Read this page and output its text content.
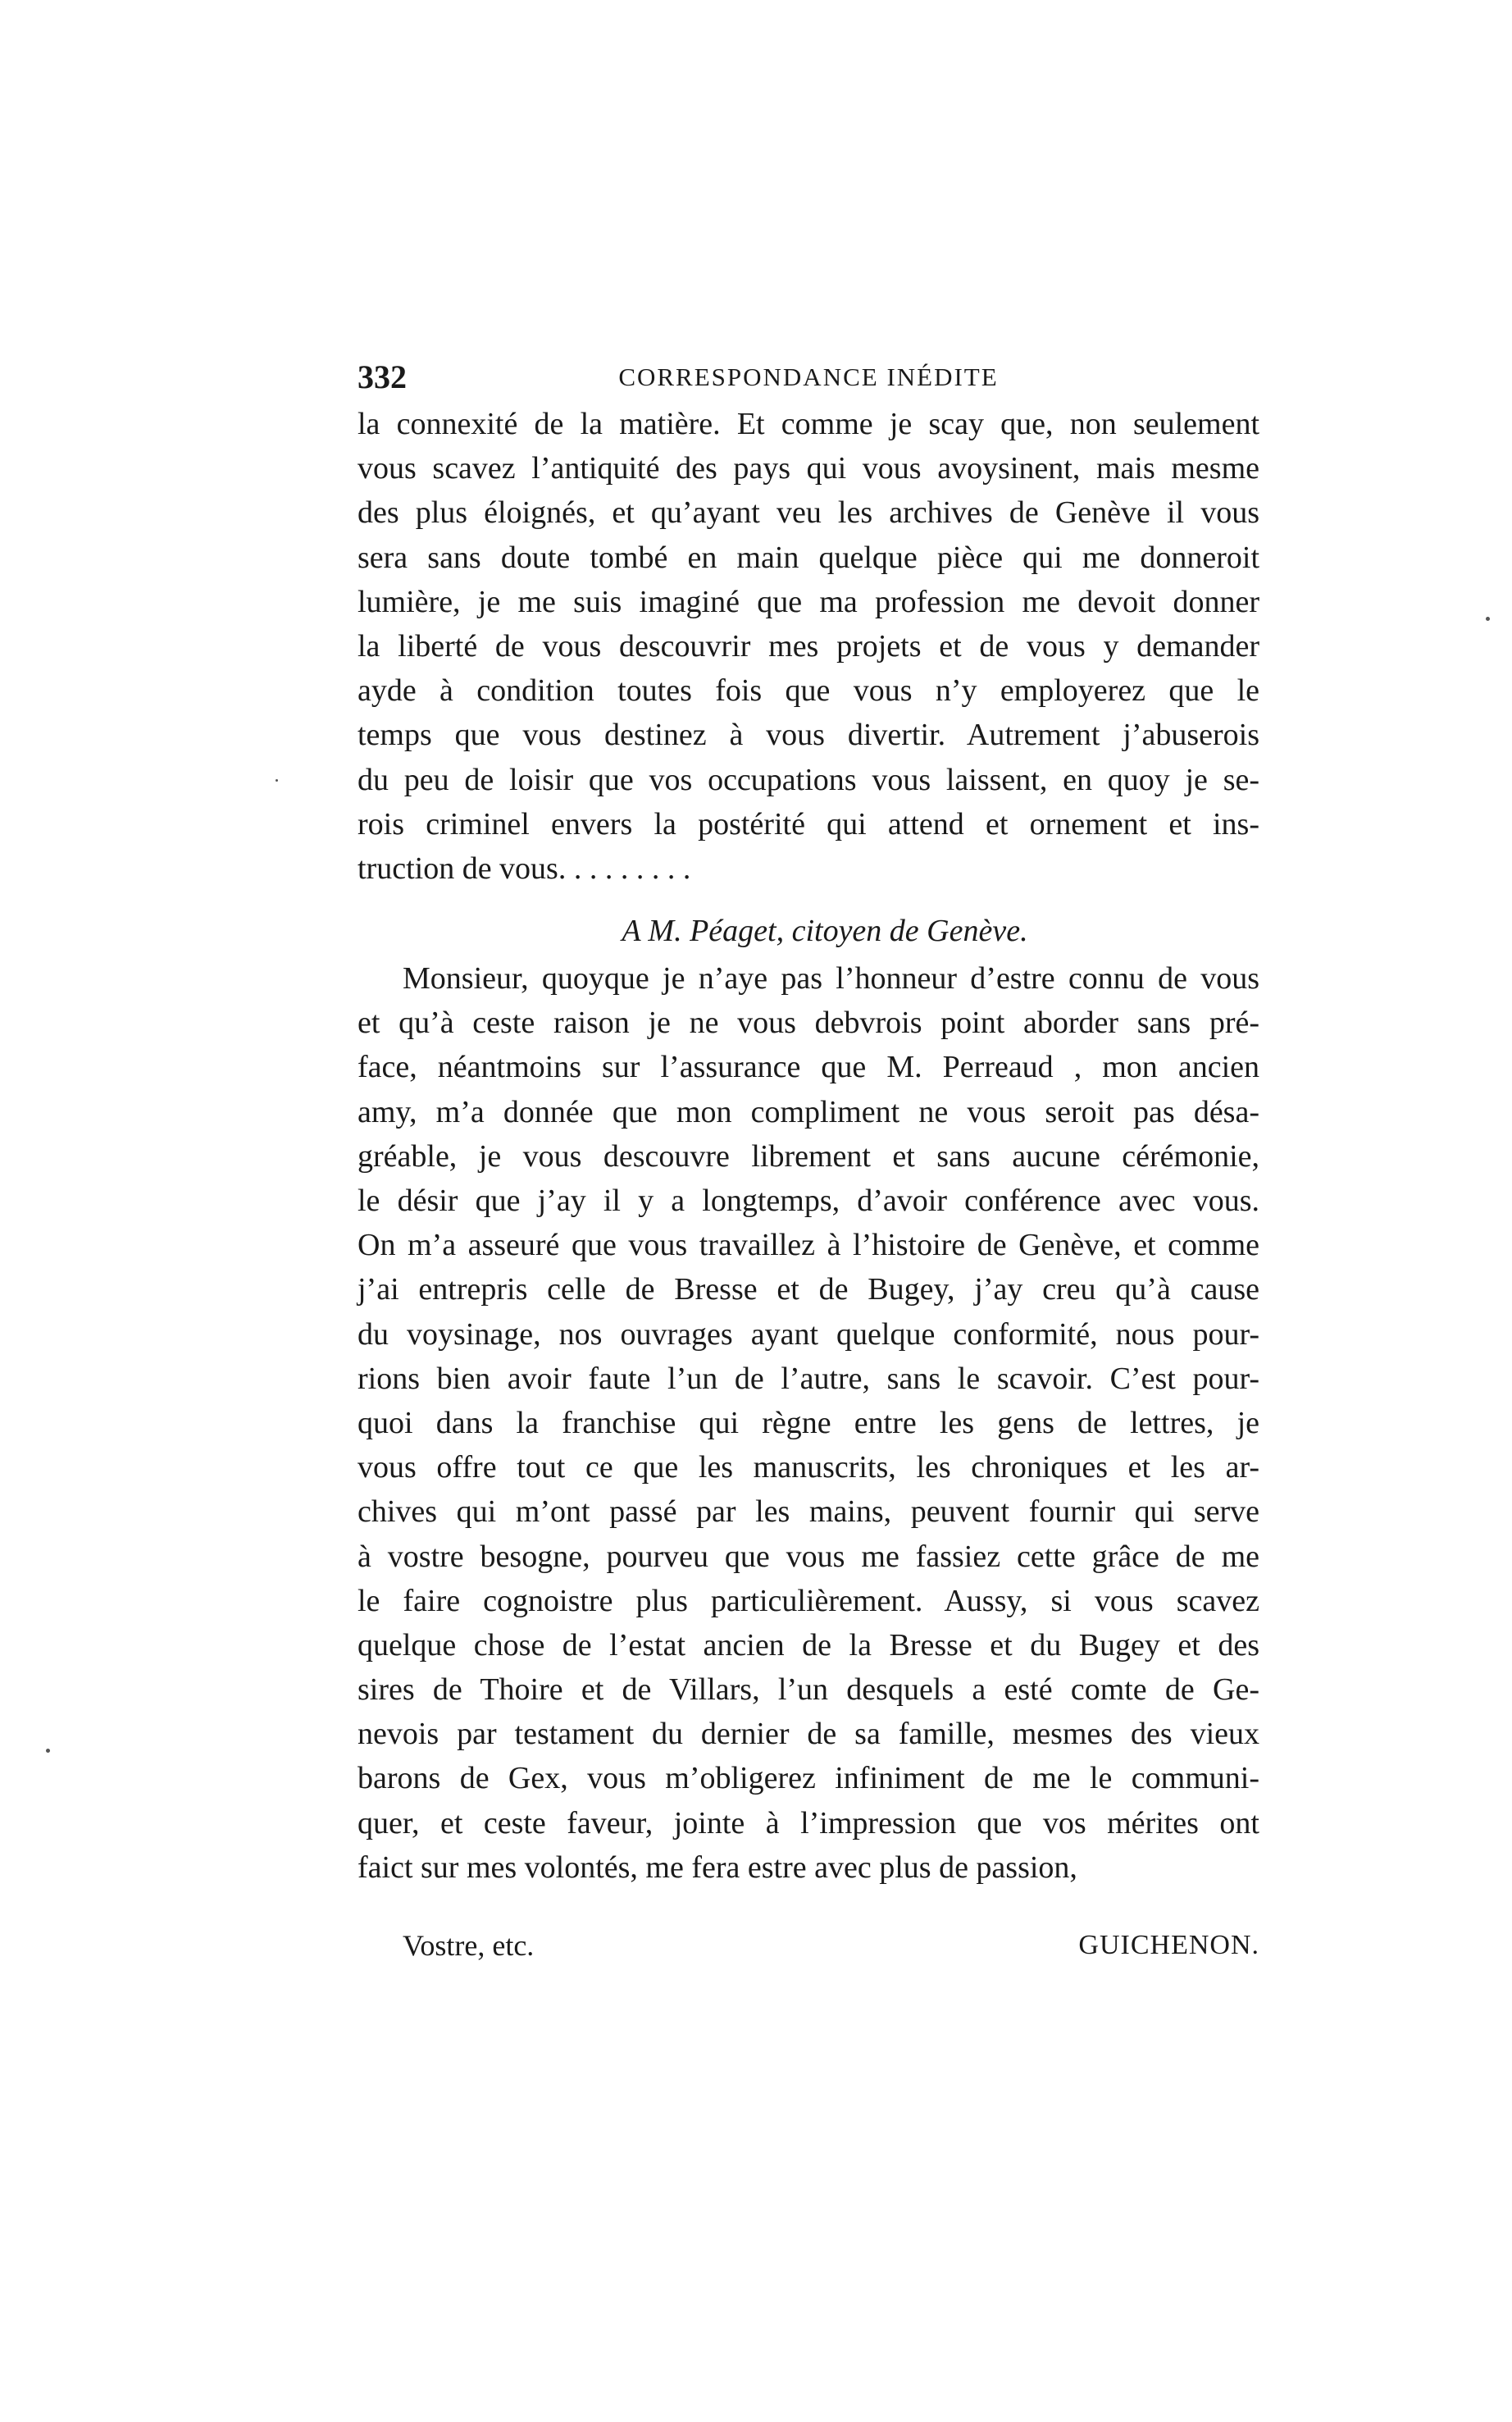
332	CORRESPONDANCE INÉDITE
la connexité de la matière. Et comme je scay que, non seulement
vous scavez l’antiquité des pays qui vous avoysinent, mais mesme
des plus éloignés, et qu’ayant veu les archives de Genève il vous
sera sans doute tombé en main quelque pièce qui me donneroit
lumière, je me suis imaginé que ma profession me devoit donner
la liberté de vous descouvrir mes projets et de vous y demander
ayde à condition toutes fois que vous n’y employerez que le
temps que vous destinez à vous divertir. Autrement j’abuserois
du peu de loisir que vos occupations vous laissent, en quoy je se-
rois criminel envers la postérité qui attend et ornement et ins-
truction de vous. . . . . . . . .
A M. Péaget, citoyen de Genève.
Monsieur, quoyque je n’aye pas l’honneur d’estre connu de vous
et qu’à ceste raison je ne vous debvrois point aborder sans pré-
face, néantmoins sur l’assurance que M. Perreaud , mon ancien
amy, m’a donnée que mon compliment ne vous seroit pas désa-
gréable, je vous descouvre librement et sans aucune cérémonie,
le désir que j’ay il y a longtemps, d’avoir conférence avec vous.
On m’a asseuré que vous travaillez à l’histoire de Genève, et comme
j’ai entrepris celle de Bresse et de Bugey, j’ay creu qu’à cause
du voysinage, nos ouvrages ayant quelque conformité, nous pour-
rions bien avoir faute l’un de l’autre, sans le scavoir. C’est pour-
quoi dans la franchise qui règne entre les gens de lettres, je
vous offre tout ce que les manuscrits, les chroniques et les ar-
chives qui m’ont passé par les mains, peuvent fournir qui serve
à vostre besogne, pourveu que vous me fassiez cette grâce de me
le faire cognoistre plus particulièrement. Aussy, si vous scavez
quelque chose de l’estat ancien de la Bresse et du Bugey et des
sires de Thoire et de Villars, l’un desquels a esté comte de Ge-
nevois par testament du dernier de sa famille, mesmes des vieux
barons de Gex, vous m’obligerez infiniment de me le communi-
quer, et ceste faveur, jointe à l’impression que vos mérites ont
faict sur mes volontés, me fera estre avec plus de passion,
Vostre, etc.	GUICHENON.
